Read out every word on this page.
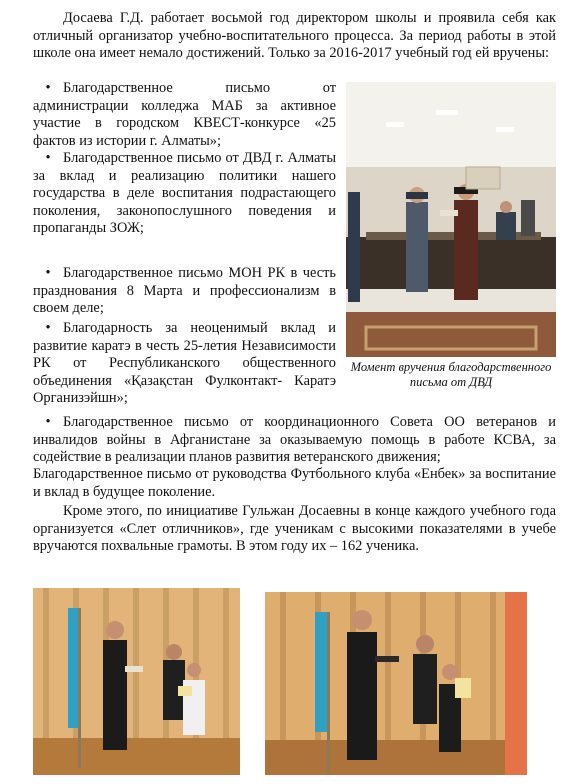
Досаева Г.Д. работает восьмой год директором школы и проявила себя как отличный организатор учебно-воспитательного процесса. За период работы в этой школе она имеет немало достижений. Только за 2016-2017 учебный год ей вручены:

• Благодарственное письмо от администрации колледжа МАБ за активное участие в городском КВЕСТ-конкурсе «25 фактов из истории г. Алматы»;
• Благодарственное письмо от ДВД г. Алматы за вклад и реализацию политики нашего государства в деле воспитания подрастающего поколения, законопослушного поведения и пропаганды ЗОЖ;
• Благодарственное письмо МОН РК в честь празднования 8 Марта и профессионализм в своем деле;
• Благодарность за неоценимый вклад и развитие каратэ в честь 25-летия Независимости РК от Республиканского общественного объединения «Қазақстан Фулконтакт- Каратэ Организэйшн»;
Момент вручения благодарственного письма от ДВД
• Благодарственное письмо от координационного Совета ОО ветеранов и инвалидов войны в Афганистане за оказываемую помощь в работе КСВА, за содействие в реализации планов развития ветеранского движения;

Благодарственное письмо от руководства Футбольного клуба «Енбек» за воспитание и вклад в будущее поколение.

Кроме этого, по инициативе Гульжан Досаевны в конце каждого учебного года организуется «Слет отличников», где ученикам с высокими показателями в учебе вручаются похвальные грамоты. В этом году их – 162 ученика.
